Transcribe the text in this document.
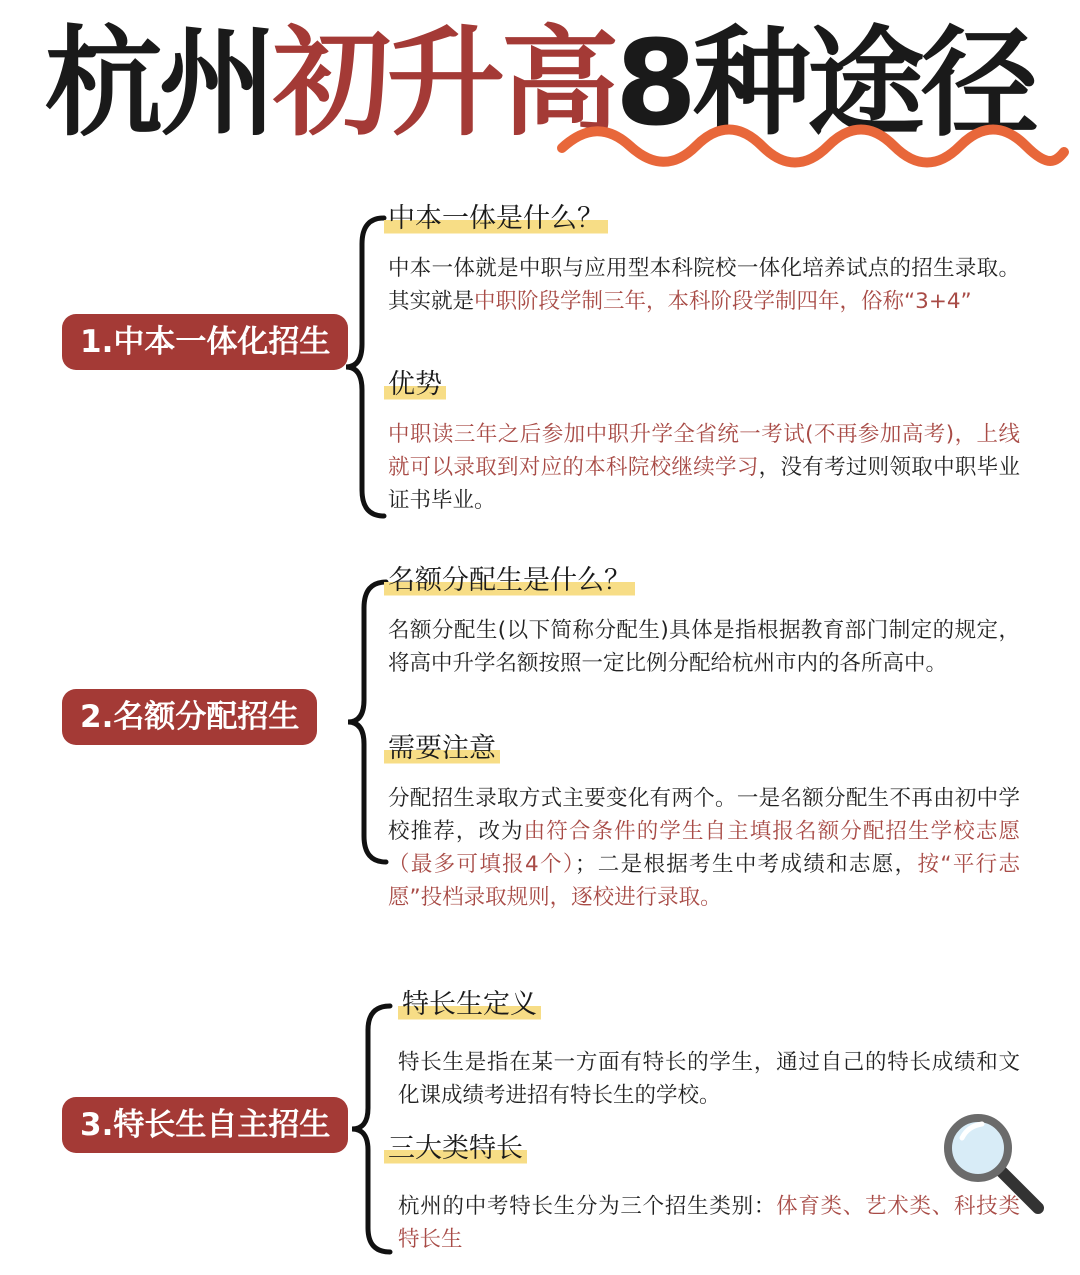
杭州初升高8种途径
1.中本一体化招生
中本一体是什么？
中本一体就是中职与应用型本科院校一体化培养试点的招生录取。其实就是中职阶段学制三年，本科阶段学制四年，俗称“3+4”
优势
中职读三年之后参加中职升学全省统一考试(不再参加高考)，上线就可以录取到对应的本科院校继续学习，没有考过则领取中职毕业证书毕业。
2.名额分配招生
名额分配生是什么？
名额分配生(以下简称分配生)具体是指根据教育部门制定的规定，将高中升学名额按照一定比例分配给杭州市内的各所高中。
需要注意
分配招生录取方式主要变化有两个。一是名额分配生不再由初中学校推荐，改为由符合条件的学生自主填报名额分配招生学校志愿（最多可填报4个）；二是根据考生中考成绩和志愿，按“平行志愿”投档录取规则，逐校进行录取。
3.特长生自主招生
特长生定义
特长生是指在某一方面有特长的学生，通过自己的特长成绩和文化课成绩考进招有特长生的学校。
三大类特长
杭州的中考特长生分为三个招生类别：体育类、艺术类、科技类特长生
